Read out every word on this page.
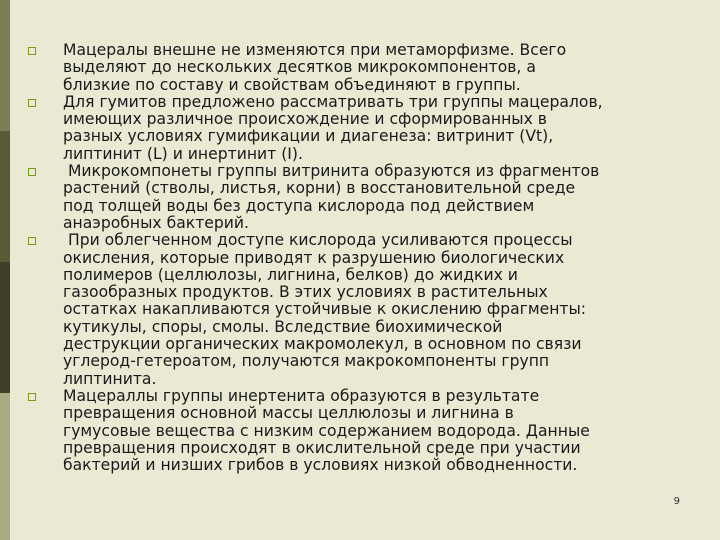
Мацералы внешне не изменяются при метаморфизме. Всего
выделяют до нескольких десятков микрокомпонентов, а
близкие по составу и свойствам объединяют в группы.
Для гумитов предложено рассматривать три группы мацералов,
имеющих различное происхождение и сформированных в
разных условиях гумификации и диагенеза: витринит (Vt),
липтинит (L) и инертинит (I).
Микрокомпонеты группы витринита образуются из фрагментов
растений (стволы, листья, корни) в восстановительной среде
под толщей воды без доступа кислорода под действием
анаэробных бактерий.
При облегченном доступе кислорода усиливаются процессы
окисления, которые приводят к разрушению биологических
полимеров (целлюлозы, лигнина, белков) до жидких и
газообразных продуктов. В этих условиях в растительных
остатках накапливаются устойчивые к окислению фрагменты:
кутикулы, споры, смолы. Вследствие биохимической
деструкции органических макромолекул, в основном по связи
углерод-гетероатом, получаются макрокомпоненты групп
липтинита.
Мацераллы группы инертенита образуются в результате
превращения основной массы целлюлозы и лигнина в
гумусовые вещества с низким содержанием водорода. Данные
превращения происходят в окислительной среде при участии
бактерий и низших грибов в условиях низкой обводненности.
9
